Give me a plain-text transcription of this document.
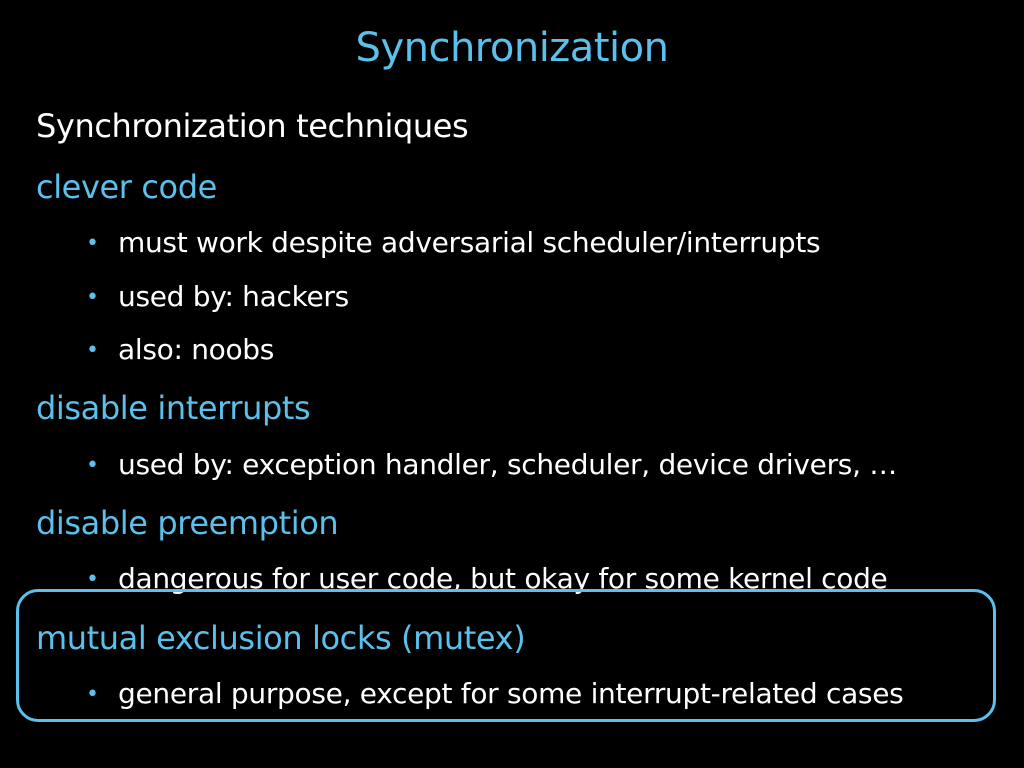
Synchronization
Synchronization techniques
clever code
• must work despite adversarial scheduler/interrupts
• used by: hackers
• also: noobs
disable interrupts
• used by: exception handler, scheduler, device drivers, …
disable preemption
• dangerous for user code, but okay for some kernel code
mutual exclusion locks (mutex)
• general purpose, except for some interrupt-related cases
